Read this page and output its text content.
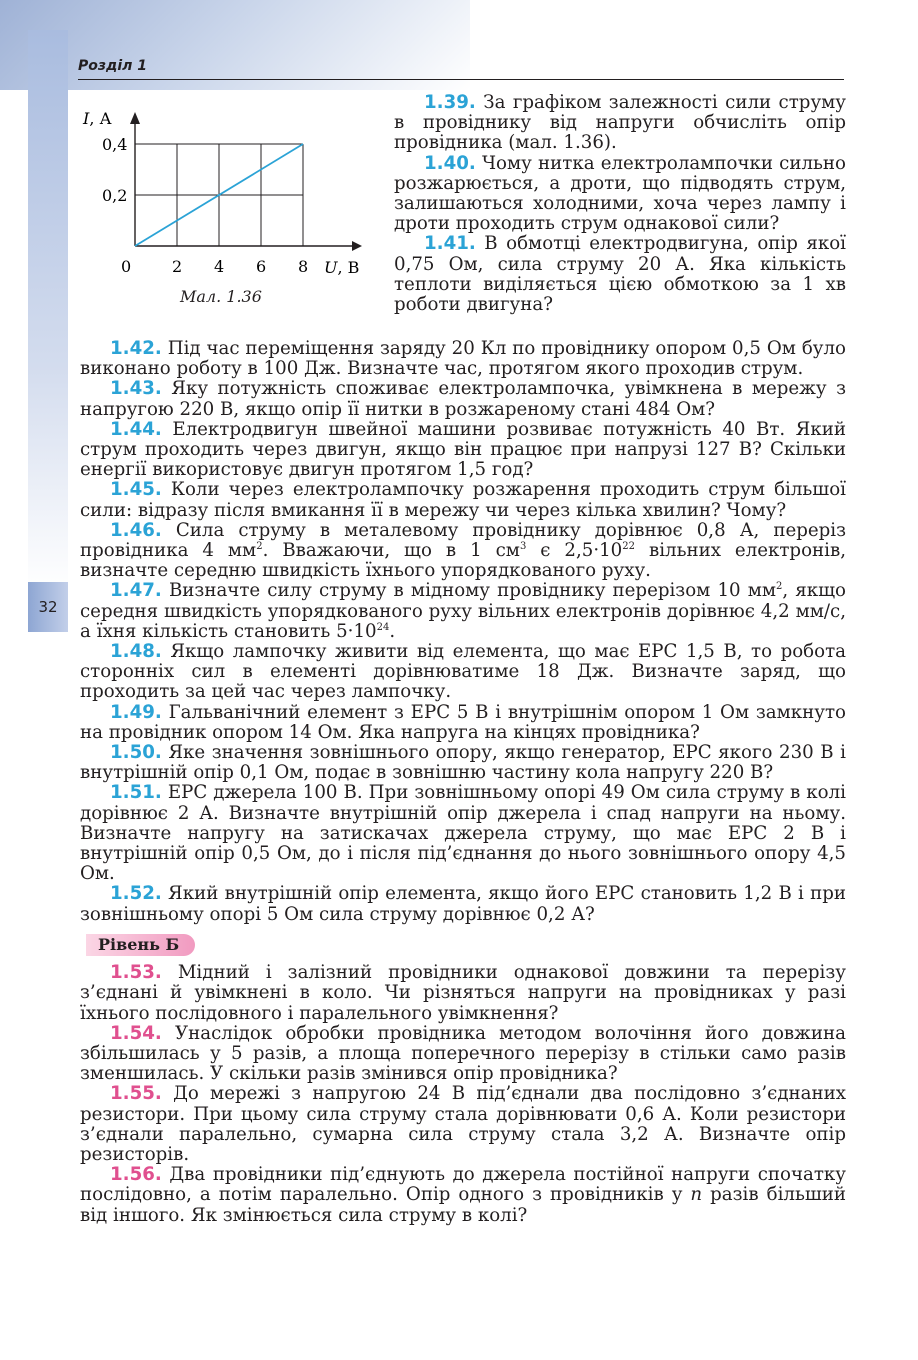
Розділ 1
32
0	2 4 6 8
0,4
0,2
I, А
U, В
Мал. 1.36

1.39. За графіком залежності сили струму в провіднику від напруги обчисліть опір провідника (мал. 1.36).

1.40. Чому нитка електролампочки сильно розжарюється, а дроти, що підводять струм, залишаються холодними, хоча через лампу і дроти проходить струм однакової сили?

1.41. В обмотці електродвигуна, опір якої 0,75 Ом, сила струму 20 А. Яка кількість теплоти виділяється цією обмоткою за 1 хв роботи двигуна?

1.42. Під час переміщення заряду 20 Кл по провіднику опором 0,5 Ом було виконано роботу в 100 Дж. Визначте час, протягом якого проходив струм.

1.43. Яку потужність споживає електролампочка, увімкнена в мережу з напругою 220 В, якщо опір її нитки в розжареному стані 484 Ом?

1.44. Електродвигун швейної машини розвиває потужність 40 Вт. Який струм проходить через двигун, якщо він працює при напрузі 127 В? Скільки енергії використовує двигун протягом 1,5 год?

1.45. Коли через електролампочку розжарення проходить струм більшої сили: відразу після вмикання її в мережу чи через кілька хвилин? Чому?

1.46. Сила струму в металевому провіднику дорівнює 0,8 А, переріз провідника 4 $мм^2$. Вважаючи, що в 1 $см^3$ є $2,5\cdot 10^{22}$ вільних електронів, визначте середню швидкість їхнього упорядкованого руху.

1.47. Визначте силу струму в мідному провіднику перерізом 10 $мм^2$, якщо середня швидкість упорядкованого руху вільних електронів дорівнює 4,2 мм/с, а їхня кількість становить $5\cdot 10^{24}$.

1.48. Якщо лампочку живити від елемента, що має ЕРС 1,5 В, то робота сторонніх сил в елементі дорівнюватиме 18 Дж. Визначте заряд, що проходить за цей час через лампочку.

1.49. Гальванічний елемент з ЕРС 5 В і внутрішнім опором 1 Ом замкнуто на провідник опором 14 Ом. Яка напруга на кінцях провідника?

1.50. Яке значення зовнішнього опору, якщо генератор, ЕРС якого 230 В і внутрішній опір 0,1 Ом, подає в зовнішню частину кола напругу 220 В?

1.51. ЕРС джерела 100 В. При зовнішньому опорі 49 Ом сила струму в колі дорівнює 2 А. Визначте внутрішній опір джерела і спад напруги на ньому. Визначте напругу на затискачах джерела струму, що має ЕРС 2 В і внутрішній опір 0,5 Ом, до і після під’єднання до нього зовнішнього опору 4,5 Ом.

1.52. Який внутрішній опір елемента, якщо його ЕРС становить 1,2 В і при зовнішньому опорі 5 Ом сила струму дорівнює 0,2 А?

Рівень Б

1.53. Мідний і залізний провідники однакової довжини та перерізу з’єднані й увімкнені в коло. Чи різняться напруги на провідниках у разі їхнього послідовного і паралельного увімкнення?

1.54. Унаслідок обробки провідника методом волочіння його довжина збільшилась у 5 разів, а площа поперечного перерізу в стільки само разів зменшилась. У скільки разів змінився опір провідника?

1.55. До мережі з напругою 24 В під’єднали два послідовно з’єднаних резистори. При цьому сила струму стала дорівнювати 0,6 А. Коли резистори з’єднали паралельно, сумарна сила струму стала 3,2 А. Визначте опір резисторів.

1.56. Два провідники під’єднують до джерела постійної напруги спочатку послідовно, а потім паралельно. Опір одного з провідників у n разів більший від іншого. Як змінюється сила струму в колі?
